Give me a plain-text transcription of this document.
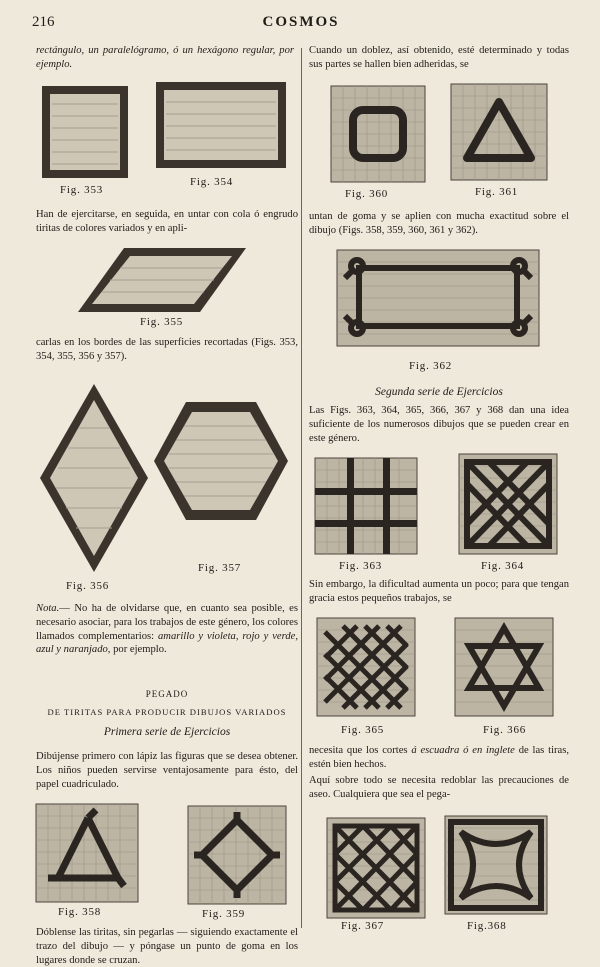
216	COSMOS

rectángulo, un paralelógramo, ó un hexágono regular, por ejemplo.

Fig. 353
Fig. 354

Han de ejercitarse, en seguida, en untar con cola ó engrudo tiritas de colores variados y en apli-

Fig. 355

carlas en los bordes de las superficies recortadas (Figs. 353, 354, 355, 356 y 357).

Fig. 356
Fig. 357

Nota.— No ha de olvidarse que, en cuanto sea posible, es necesario asociar, para los trabajos de este género, los colores llamados complementarios: amarillo y violeta, rojo y verde, azul y naranjado, por ejemplo.

PEGADO

DE TIRITAS PARA PRODUCIR DIBUJOS VARIADOS

Primera serie de Ejercicios

Dibújense primero con lápiz las figuras que se desea obtener. Los niños pueden servirse ventajosamente para ésto, del papel cuadriculado.

Fig. 358	Fig. 359

Dóblense las tiritas, sin pegarlas — siguiendo exactamente el trazo del dibujo — y póngase un punto de goma en los lugares donde se cruzan.

Cuando un doblez, así obtenido, esté determinado y todas sus partes se hallen bien adheridas, se

Fig. 360	Fig. 361

untan de goma y se aplien con mucha exactitud sobre el dibujo (Figs. 358, 359, 360, 361 y 362).

Fig. 362

Segunda serie de Ejercicios

Las Figs. 363, 364, 365, 366, 367 y 368 dan una idea suficiente de los numerosos dibujos que se pueden crear en este género.

Fig. 363	Fig. 364

Sin embargo, la dificultad aumenta un poco; para que tengan gracia estos pequeños trabajos, se

Fig. 365	Fig. 366

necesita que los cortes á escuadra ó en inglete de las tiras, estén bien hechos.

Aquí sobre todo se necesita redoblar las precauciones de aseo. Cualquiera que sea el pega-

Fig. 367	Fig.368
